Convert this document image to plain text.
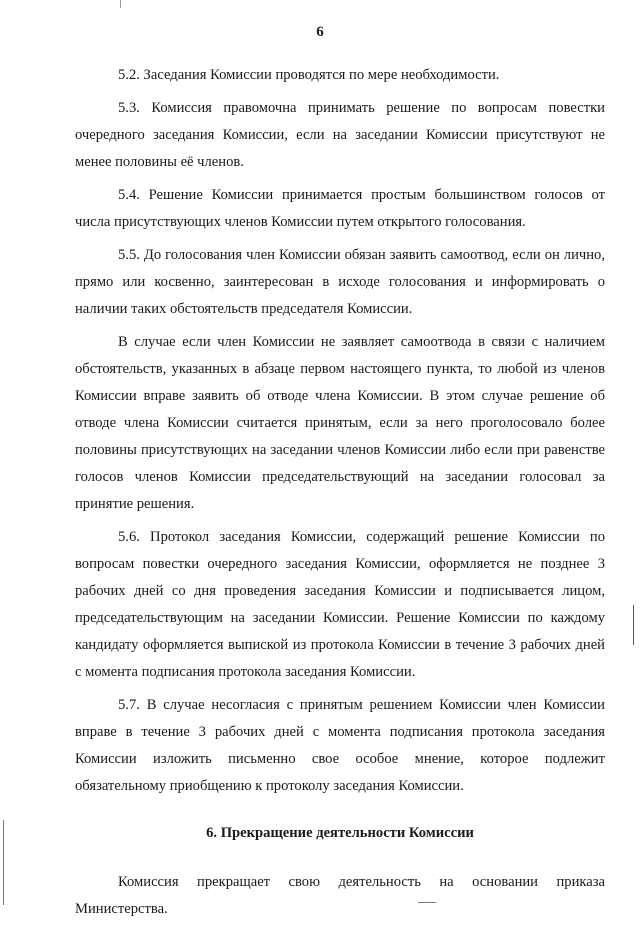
6

5.2. Заседания Комиссии проводятся по мере необходимости.

5.3. Комиссия правомочна принимать решение по вопросам повестки очередного заседания Комиссии, если на заседании Комиссии присутствуют не менее половины её членов.

5.4. Решение Комиссии принимается простым большинством голосов от числа присутствующих членов Комиссии путем открытого голосования.

5.5. До голосования член Комиссии обязан заявить самоотвод, если он лично, прямо или косвенно, заинтересован в исходе голосования и информировать о наличии таких обстоятельств председателя Комиссии.

В случае если член Комиссии не заявляет самоотвода в связи с наличием обстоятельств, указанных в абзаце первом настоящего пункта, то любой из членов Комиссии вправе заявить об отводе члена Комиссии. В этом случае решение об отводе члена Комиссии считается принятым, если за него проголосовало более половины присутствующих на заседании членов Комиссии либо если при равенстве голосов членов Комиссии председательствующий на заседании голосовал за принятие решения.

5.6. Протокол заседания Комиссии, содержащий решение Комиссии по вопросам повестки очередного заседания Комиссии, оформляется не позднее 3 рабочих дней со дня проведения заседания Комиссии и подписывается лицом, председательствующим на заседании Комиссии. Решение Комиссии по каждому кандидату оформляется выпиской из протокола Комиссии в течение 3 рабочих дней с момента подписания протокола заседания Комиссии.

5.7. В случае несогласия с принятым решением Комиссии член Комиссии вправе в течение 3 рабочих дней с момента подписания протокола заседания Комиссии изложить письменно свое особое мнение, которое подлежит обязательному приобщению к протоколу заседания Комиссии.

6. Прекращение деятельности Комиссии

Комиссия прекращает свою деятельность на основании приказа Министерства.
